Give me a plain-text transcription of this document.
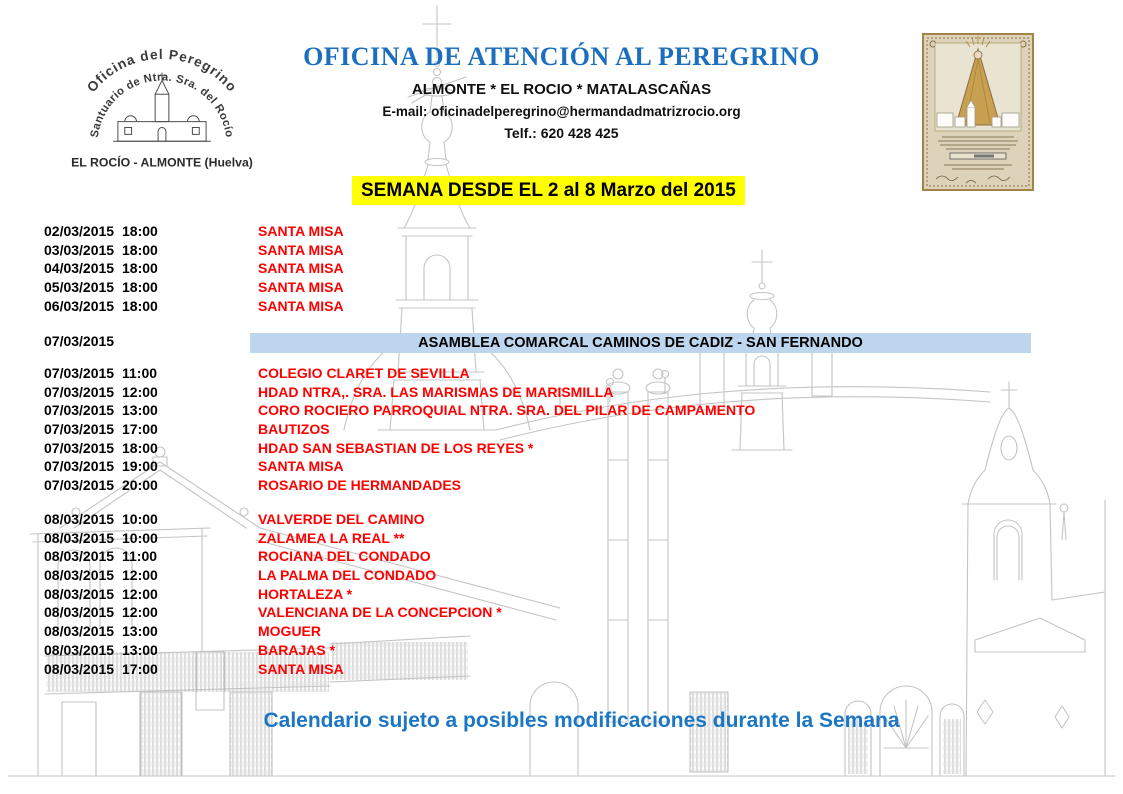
Oficina del Peregrino
Santuario de Ntra. Sra. del Rocío
EL ROCÍO - ALMONTE (Huelva)
OFICINA DE ATENCIÓN AL PEREGRINO
ALMONTE * EL ROCIO * MATALASCAÑAS
E-mail: oficinadelperegrino@hermandadmatrizrocio.org
Telf.: 620 428 425
SEMANA DESDE EL 2 al 8 Marzo del 2015
02/03/2015 18:00	SANTA MISA
03/03/2015 18:00	SANTA MISA
04/03/2015 18:00	SANTA MISA
05/03/2015 18:00	SANTA MISA
06/03/2015 18:00	SANTA MISA
07/03/2015	ASAMBLEA COMARCAL CAMINOS DE CADIZ - SAN FERNANDO
07/03/2015 11:00	COLEGIO CLARET DE SEVILLA
07/03/2015 12:00	HDAD NTRA,. SRA. LAS MARISMAS DE MARISMILLA
07/03/2015 13:00	CORO ROCIERO PARROQUIAL NTRA. SRA. DEL PILAR DE CAMPAMENTO
07/03/2015 17:00	BAUTIZOS
07/03/2015 18:00	HDAD SAN SEBASTIAN DE LOS REYES *
07/03/2015 19:00	SANTA MISA
07/03/2015 20:00	ROSARIO DE HERMANDADES
08/03/2015 10:00	VALVERDE DEL CAMINO
08/03/2015 10:00	ZALAMEA LA REAL **
08/03/2015 11:00	ROCIANA DEL CONDADO
08/03/2015 12:00	LA PALMA DEL CONDADO
08/03/2015 12:00	HORTALEZA *
08/03/2015 12:00	VALENCIANA DE LA CONCEPCION *
08/03/2015 13:00	MOGUER
08/03/2015 13:00	BARAJAS *
08/03/2015 17:00	SANTA MISA
Calendario sujeto a posibles modificaciones durante la Semana
